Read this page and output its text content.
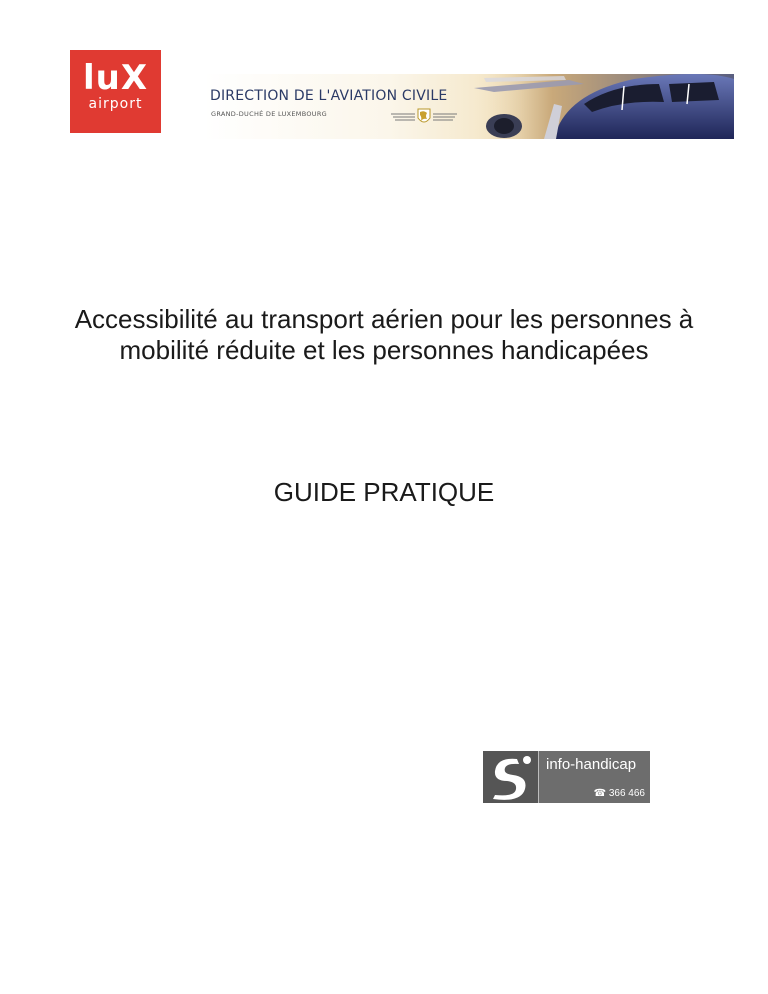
luX
airport	DIRECTION DE L'AVIATION CIVILE
GRAND-DUCHÉ DE LUXEMBOURG
Accessibilité au transport aérien pour les personnes à mobilité réduite et les personnes handicapées
GUIDE PRATIQUE
info-handicap
☎ 366 466
